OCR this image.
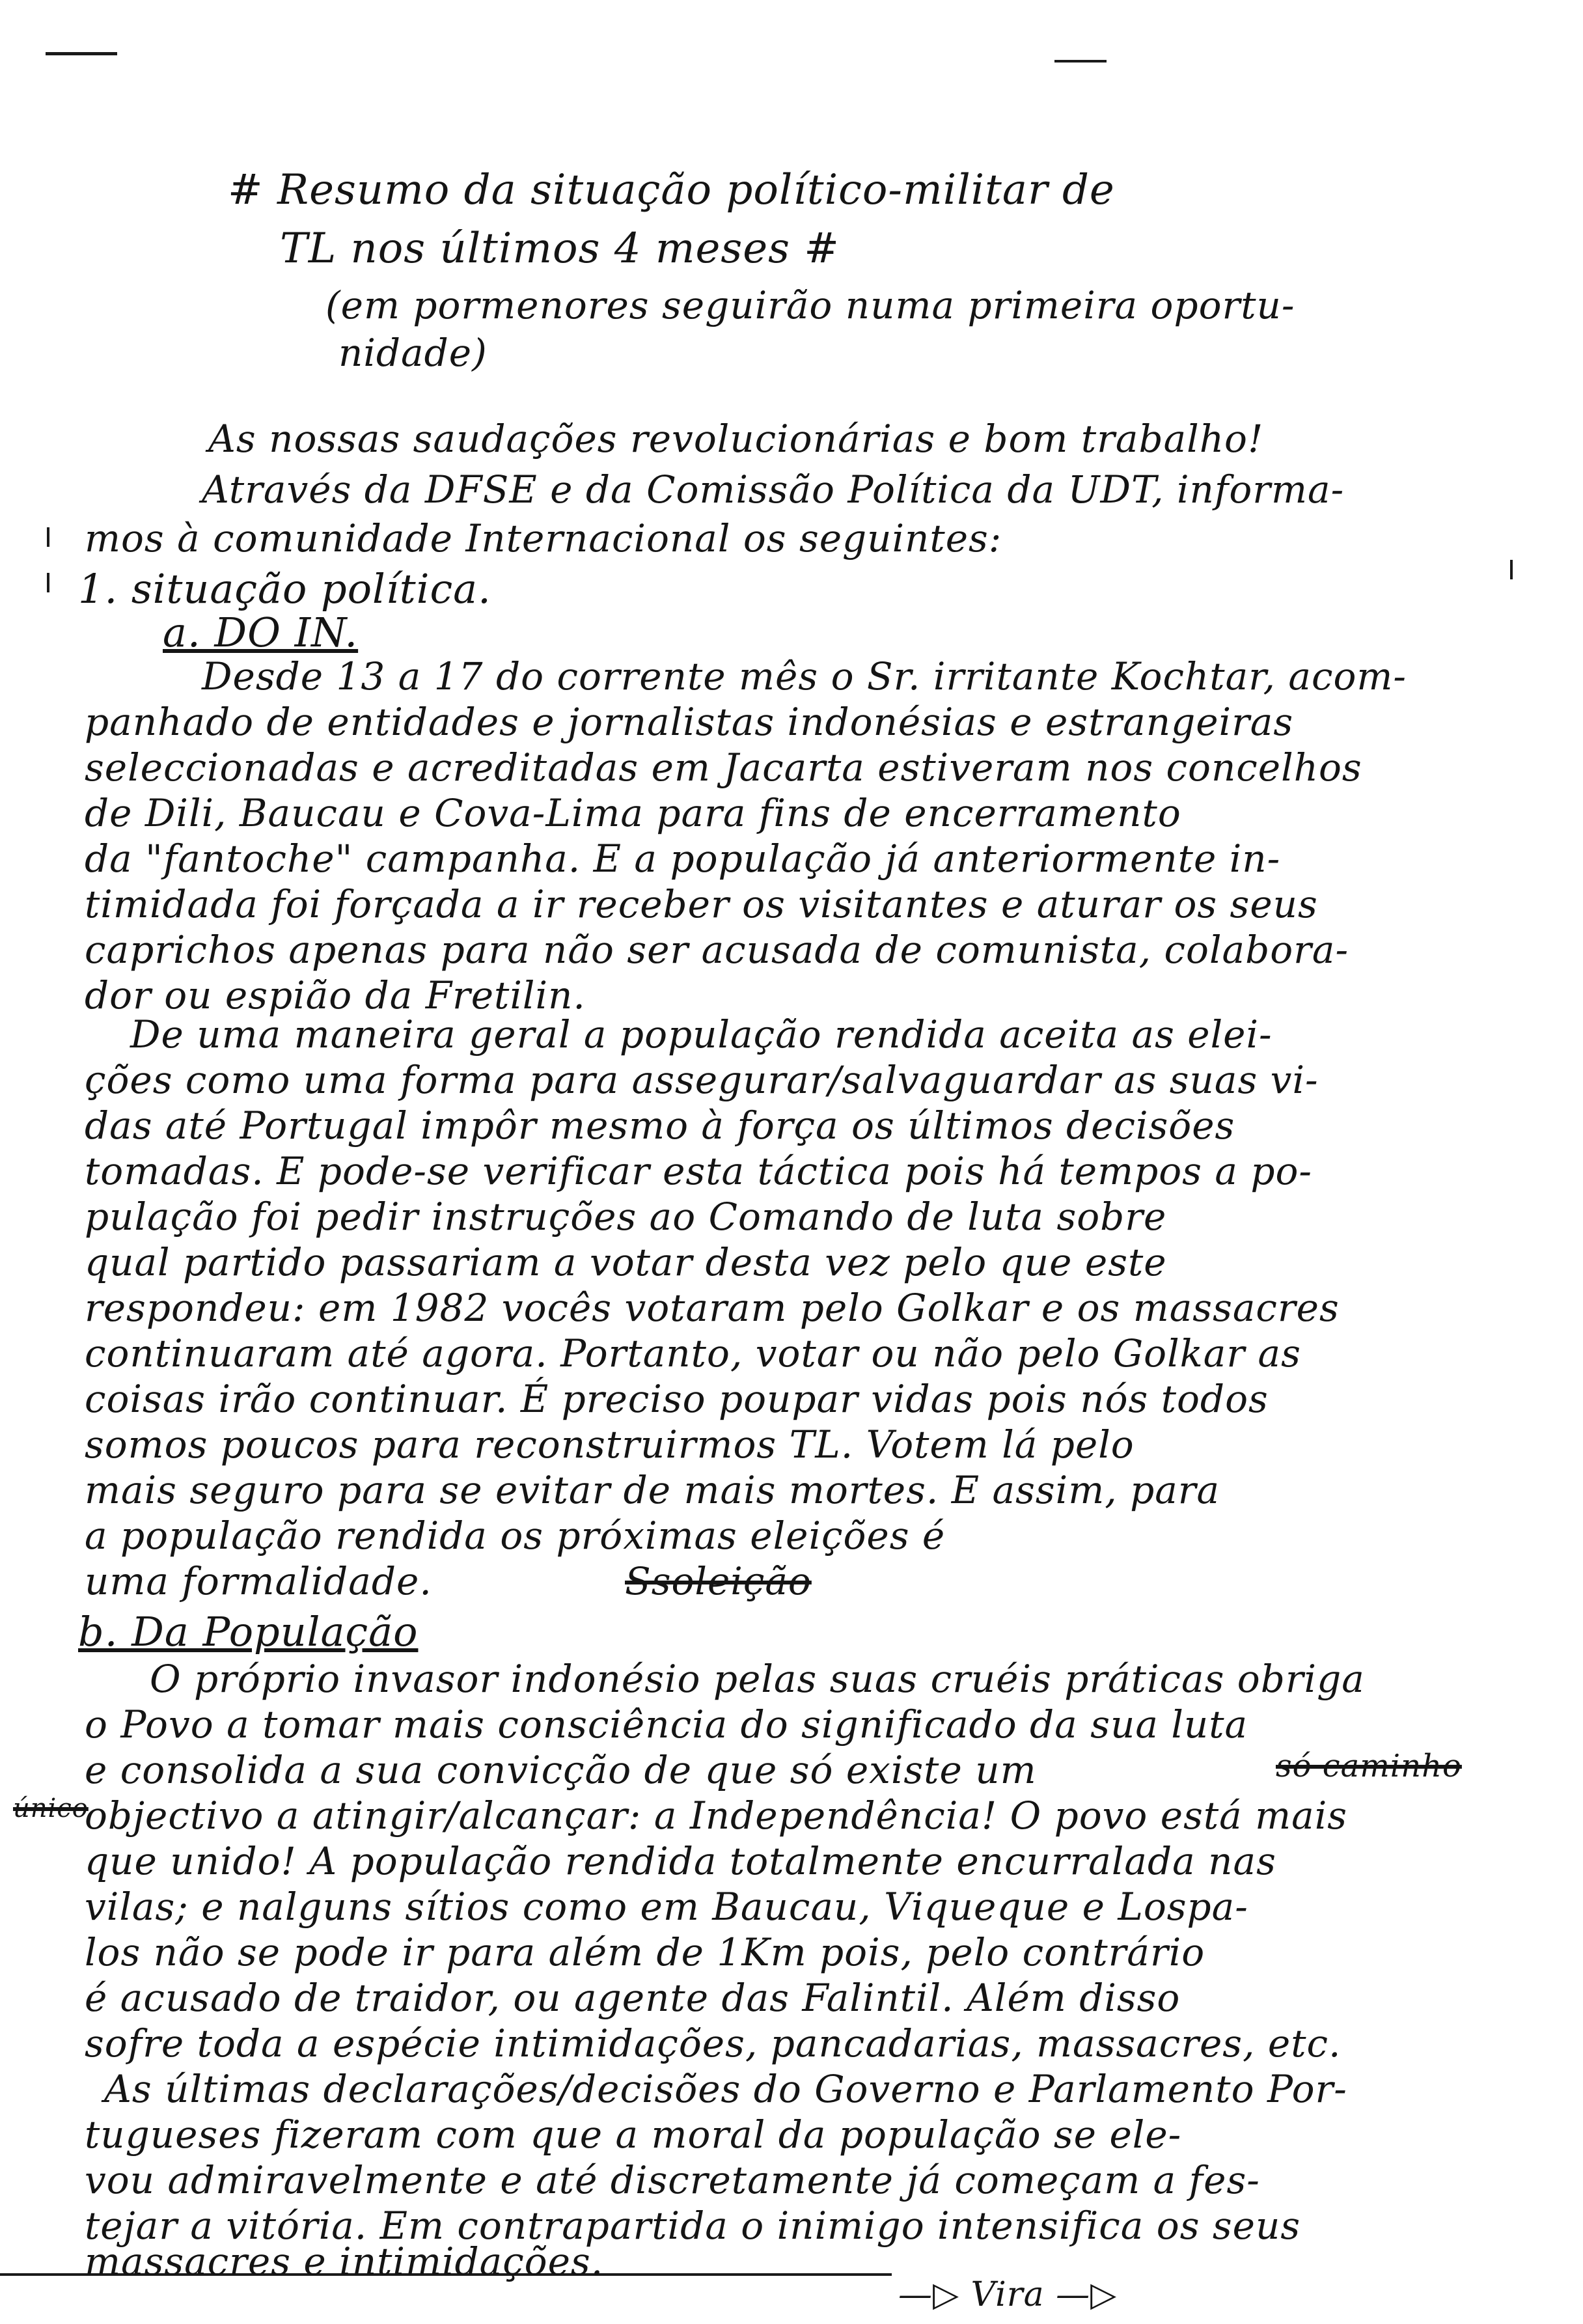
# Resumo da situação político-militar de
TL nos últimos 4 meses #
(em pormenores seguirão numa primeira oportu-
nidade)
As nossas saudações revolucionárias e bom trabalho!
Através da DFSE e da Comissão Política da UDT, informa-
mos à comunidade Internacional os seguintes:
1. situação política.
a. DO IN.
Desde 13 a 17 do corrente mês o Sr. irritante Kochtar, acom-
panhado de entidades e jornalistas indonésias e estrangeiras
seleccionadas e acreditadas em Jacarta estiveram nos concelhos
de Dili, Baucau e Cova-Lima para fins de encerramento
da "fantoche" campanha. E a população já anteriormente in-
timidada foi forçada a ir receber os visitantes e aturar os seus
caprichos apenas para não ser acusada de comunista, colabora-
dor ou espião da Fretilin.
De uma maneira geral a população rendida aceita as elei-
ções como uma forma para assegurar/salvaguardar as suas vi-
das até Portugal impôr mesmo à força os últimos decisões
tomadas. E pode-se verificar esta táctica pois há tempos a po-
pulação foi pedir instruções ao Comando de luta sobre
qual partido passariam a votar desta vez pelo que este
respondeu: em 1982 vocês votaram pelo Golkar e os massacres
continuaram até agora. Portanto, votar ou não pelo Golkar as
coisas irão continuar. É preciso poupar vidas pois nós todos
somos poucos para reconstruirmos TL. Votem lá pelo
mais seguro para se evitar de mais mortes. E assim, para
a população rendida os próximas eleições é
uma formalidade.	Ssoleição
b. Da População
O próprio invasor indonésio pelas suas cruéis práticas obriga
o Povo a tomar mais consciência do significado da sua luta
e consolida a sua convicção de que só existe um	só caminho
objectivo a atingir/alcançar: a Independência! O povo está mais
único
que unido! A população rendida totalmente encurralada nas
vilas; e nalguns sítios como em Baucau, Viqueque e Lospa-
los não se pode ir para além de 1Km pois, pelo contrário
é acusado de traidor, ou agente das Falintil. Além disso
sofre toda a espécie intimidações, pancadarias, massacres, etc.
As últimas declarações/decisões do Governo e Parlamento Por-
tugueses fizeram com que a moral da população se ele-
vou admiravelmente e até discretamente já começam a fes-
tejar a vitória. Em contrapartida o inimigo intensifica os seus
massacres e intimidações.
—▷ Vira —▷
